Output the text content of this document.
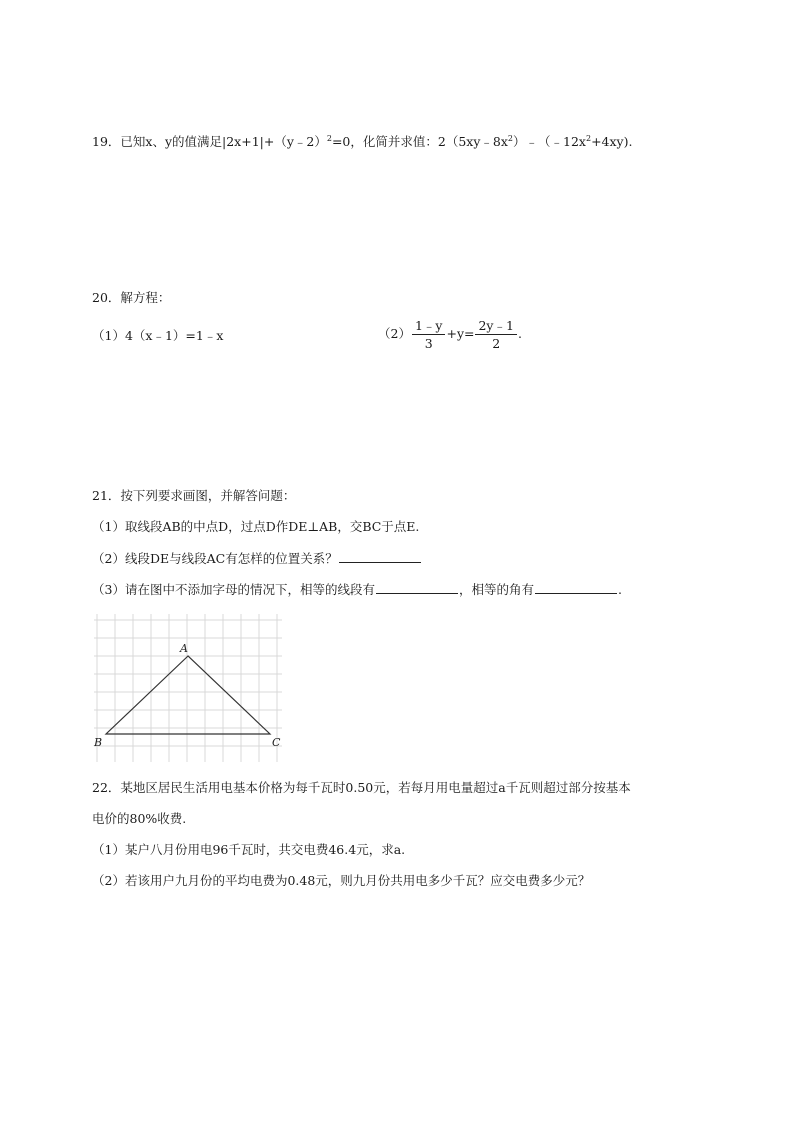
19．已知x、y的值满足|2x+1|+（y﹣2）$^2$=0，化简并求值：$2(5xy﹣8x^2)﹣(﹣12x^2+4xy)$.
20．解方程：
（1）4（x﹣1）=1﹣x	$(2) \frac{1﹣y}{3} +y= \frac{2y﹣1}{2}$ .
21．按下列要求画图，并解答问题：
（1）取线段AB的中点D，过点D作DE⊥AB，交BC于点E.
（2）线段DE与线段AC有怎样的位置关系？
（3）请在图中不添加字母的情况下，相等的线段有	，相等的角有	.
A
B	C
22．某地区居民生活用电基本价格为每千瓦时0.50元，若每月用电量超过a千瓦则超过部分按基本
电价的80%收费.
（1）某户八月份用电96千瓦时，共交电费46.4元，求a.
（2）若该用户九月份的平均电费为0.48元，则九月份共用电多少千瓦？应交电费多少元？
